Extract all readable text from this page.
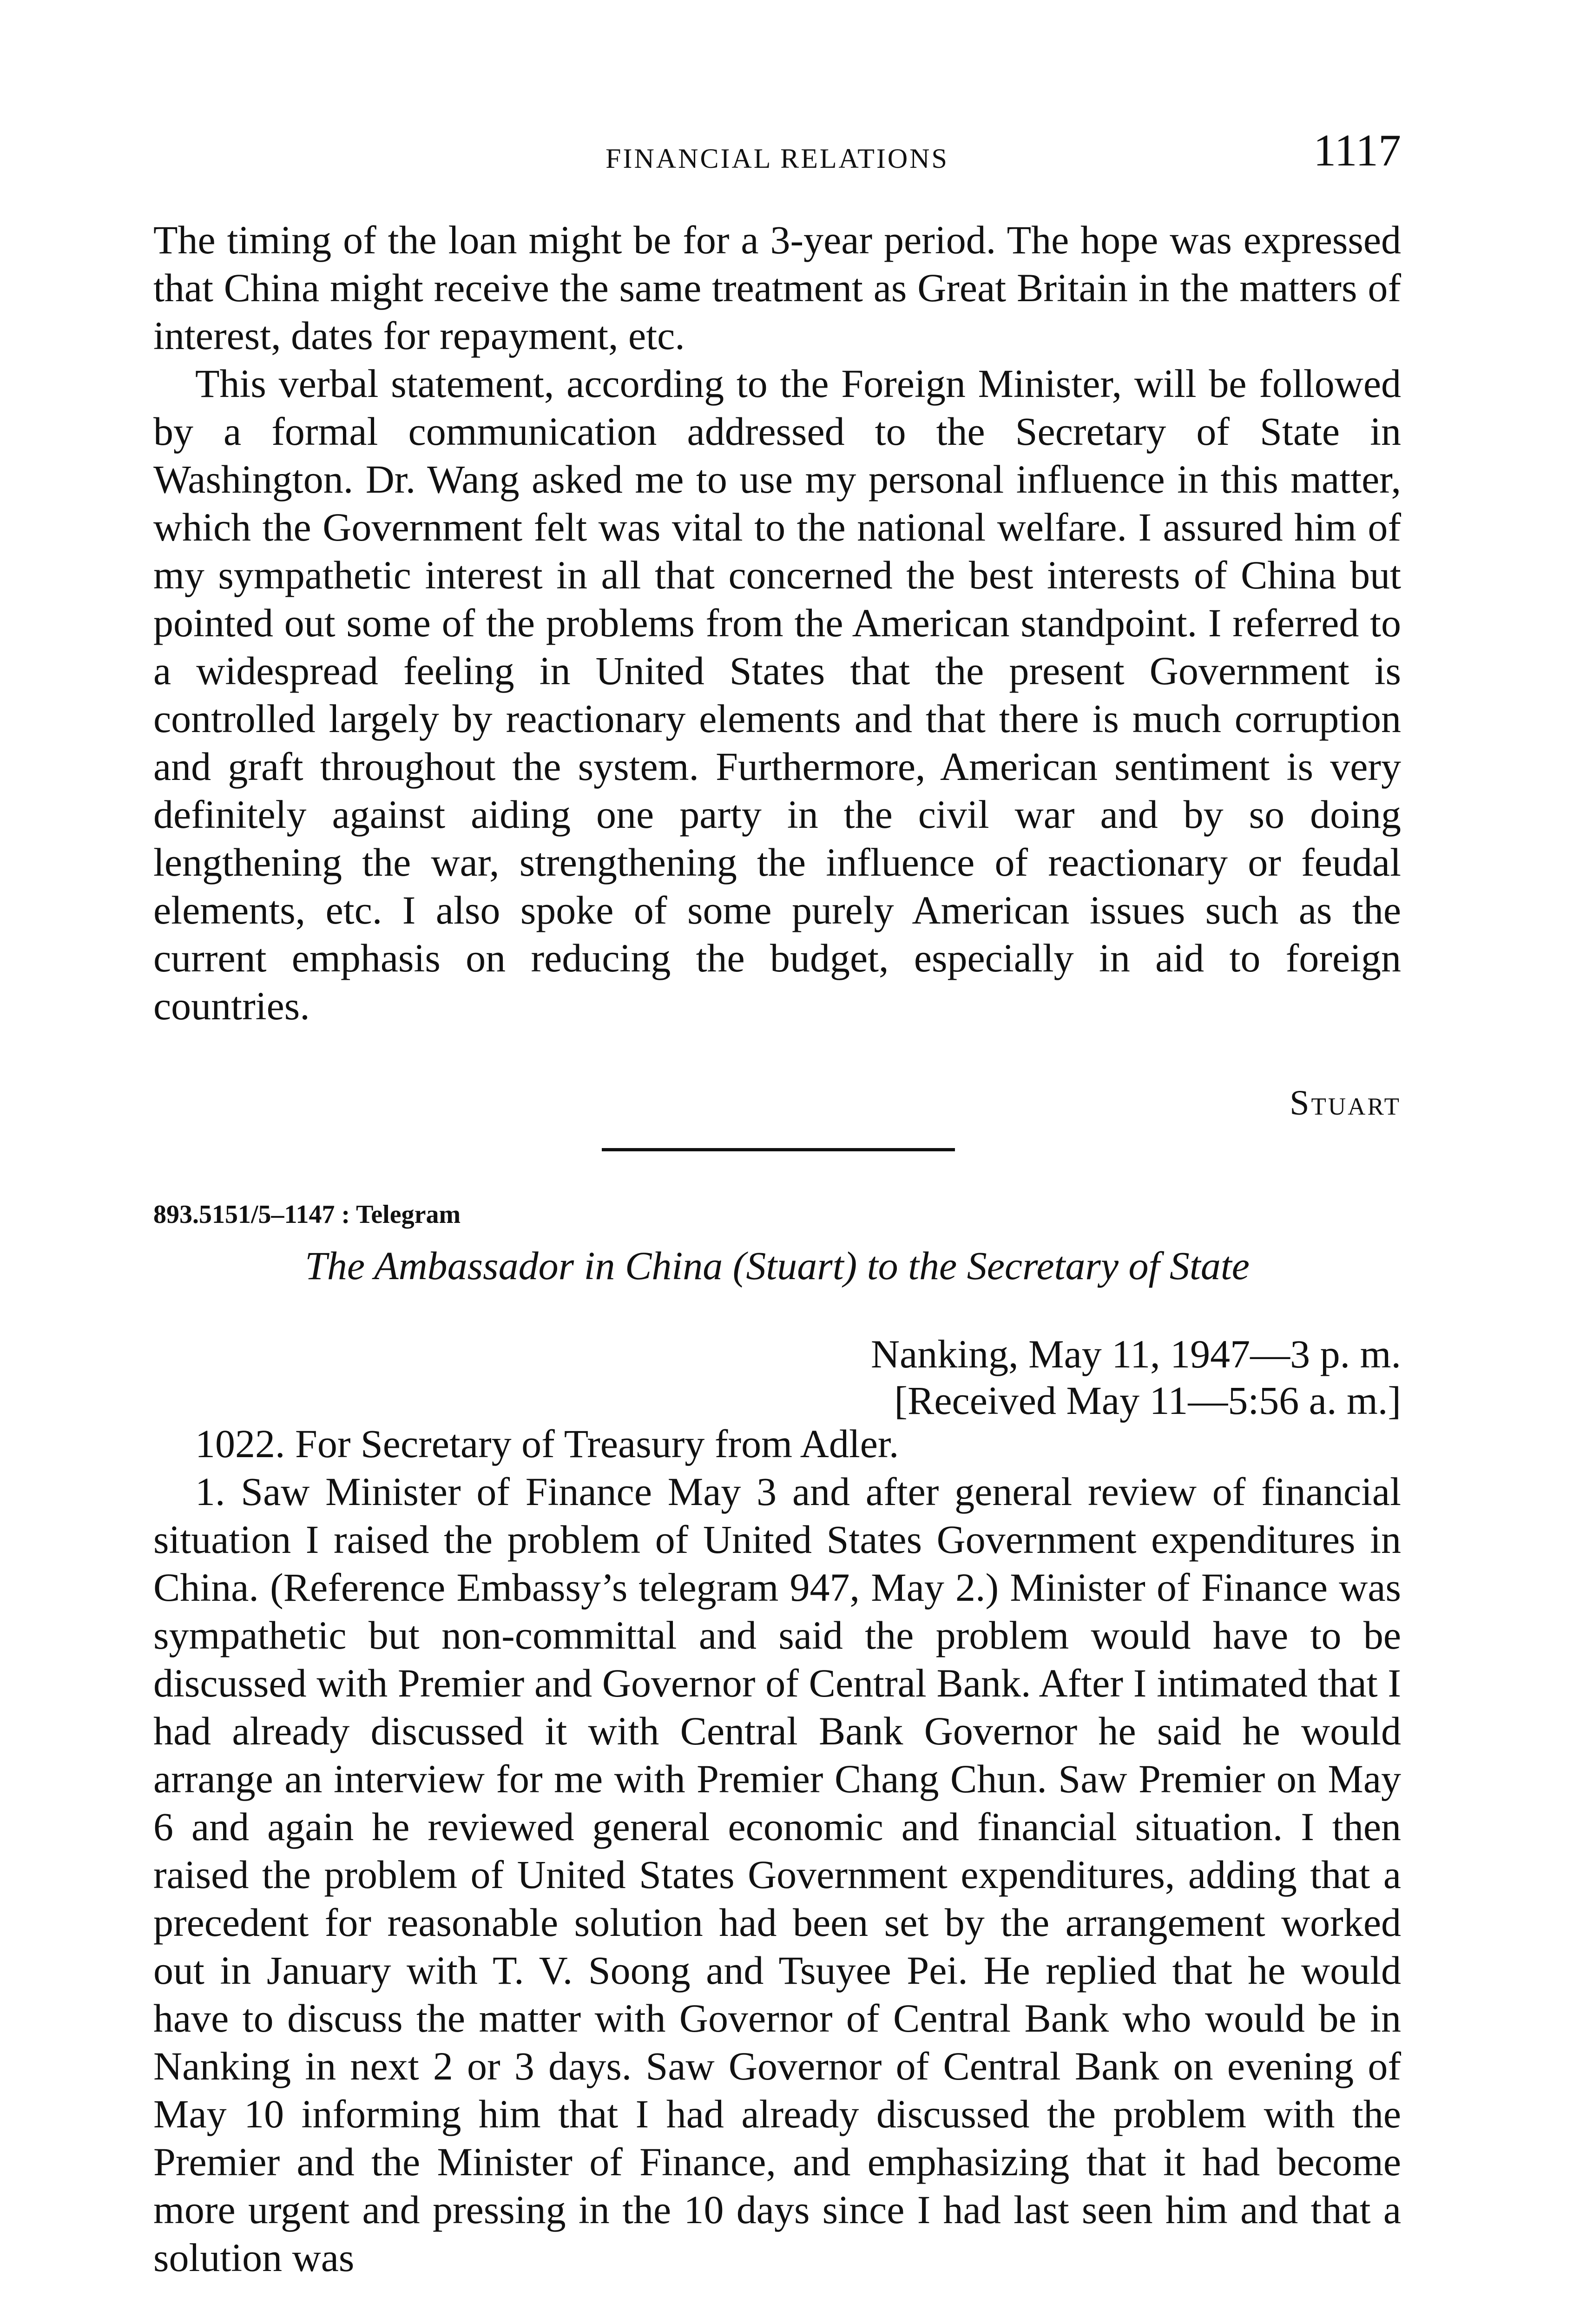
FINANCIAL RELATIONS	1117

The timing of the loan might be for a 3-year period. The hope was expressed that China might receive the same treatment as Great Britain in the matters of interest, dates for repayment, etc.

This verbal statement, according to the Foreign Minister, will be followed by a formal communication addressed to the Secretary of State in Washington. Dr. Wang asked me to use my personal influence in this matter, which the Government felt was vital to the national welfare. I assured him of my sympathetic interest in all that concerned the best interests of China but pointed out some of the problems from the American standpoint. I referred to a widespread feeling in United States that the present Government is controlled largely by reactionary elements and that there is much corruption and graft throughout the system. Furthermore, American sentiment is very definitely against aiding one party in the civil war and by so doing lengthening the war, strengthening the influence of reactionary or feudal elements, etc. I also spoke of some purely American issues such as the current emphasis on reducing the budget, especially in aid to foreign countries.

Stuart
893.5151/5–1147 : Telegram
The Ambassador in China (Stuart) to the Secretary of State
Nanking, May 11, 1947—3 p. m.
[Received May 11—5:56 a. m.]

1022. For Secretary of Treasury from Adler.

1. Saw Minister of Finance May 3 and after general review of financial situation I raised the problem of United States Government expenditures in China. (Reference Embassy’s telegram 947, May 2.) Minister of Finance was sympathetic but non-committal and said the problem would have to be discussed with Premier and Governor of Central Bank. After I intimated that I had already discussed it with Central Bank Governor he said he would arrange an interview for me with Premier Chang Chun. Saw Premier on May 6 and again he reviewed general economic and financial situation. I then raised the problem of United States Government expenditures, adding that a precedent for reasonable solution had been set by the arrangement worked out in January with T. V. Soong and Tsuyee Pei. He replied that he would have to discuss the matter with Governor of Central Bank who would be in Nanking in next 2 or 3 days. Saw Governor of Central Bank on evening of May 10 informing him that I had already discussed the problem with the Premier and the Minister of Finance, and emphasizing that it had become more urgent and pressing in the 10 days since I had last seen him and that a solution was
